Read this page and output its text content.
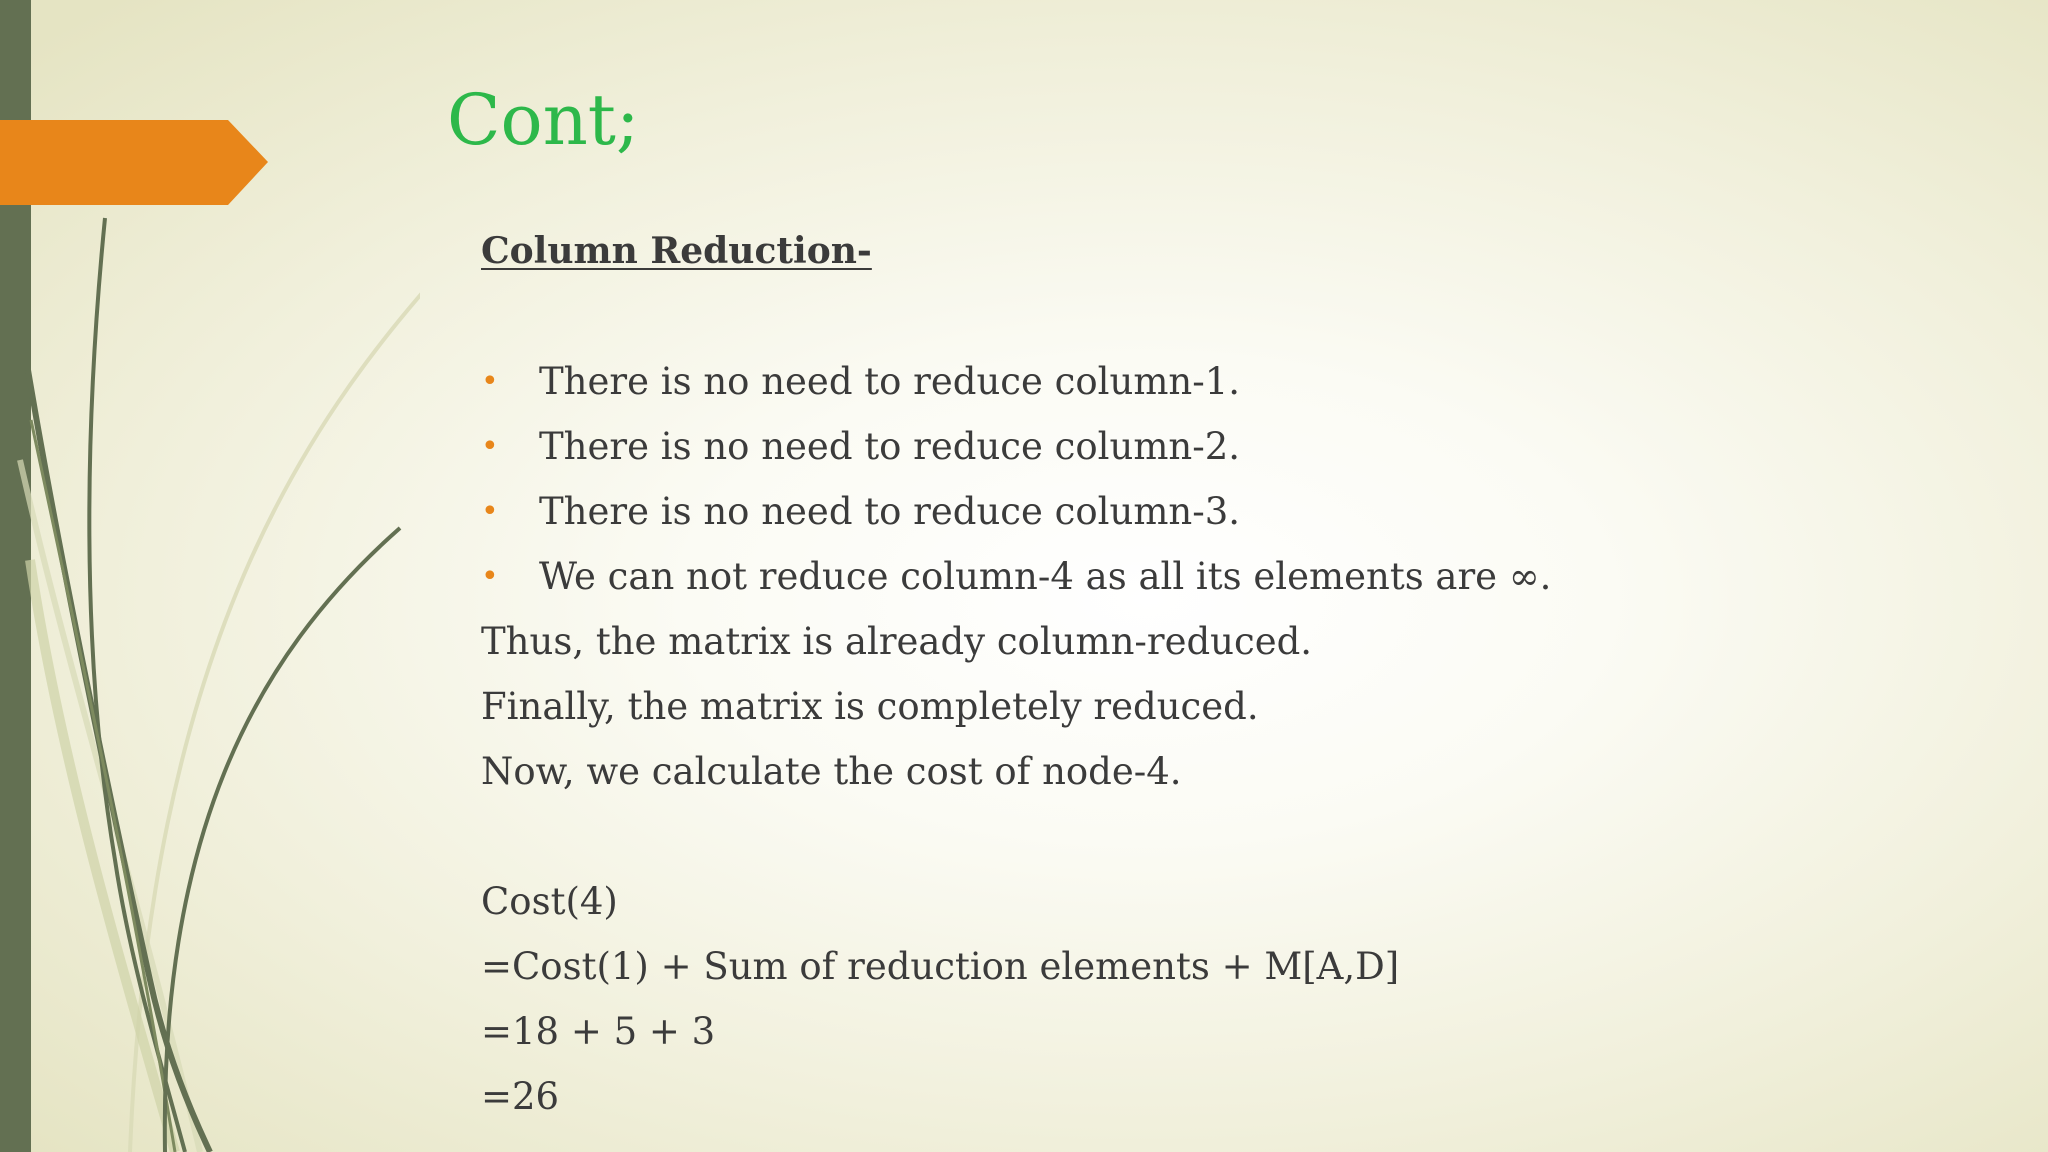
Cont;
Column Reduction-
• There is no need to reduce column-1.
• There is no need to reduce column-2.
• There is no need to reduce column-3.
• We can not reduce column-4 as all its elements are ∞.
Thus, the matrix is already column-reduced.
Finally, the matrix is completely reduced.
Now, we calculate the cost of node-4.
Cost(4)
=Cost(1) + Sum of reduction elements + M[A,D]
=18 + 5 + 3
=26
